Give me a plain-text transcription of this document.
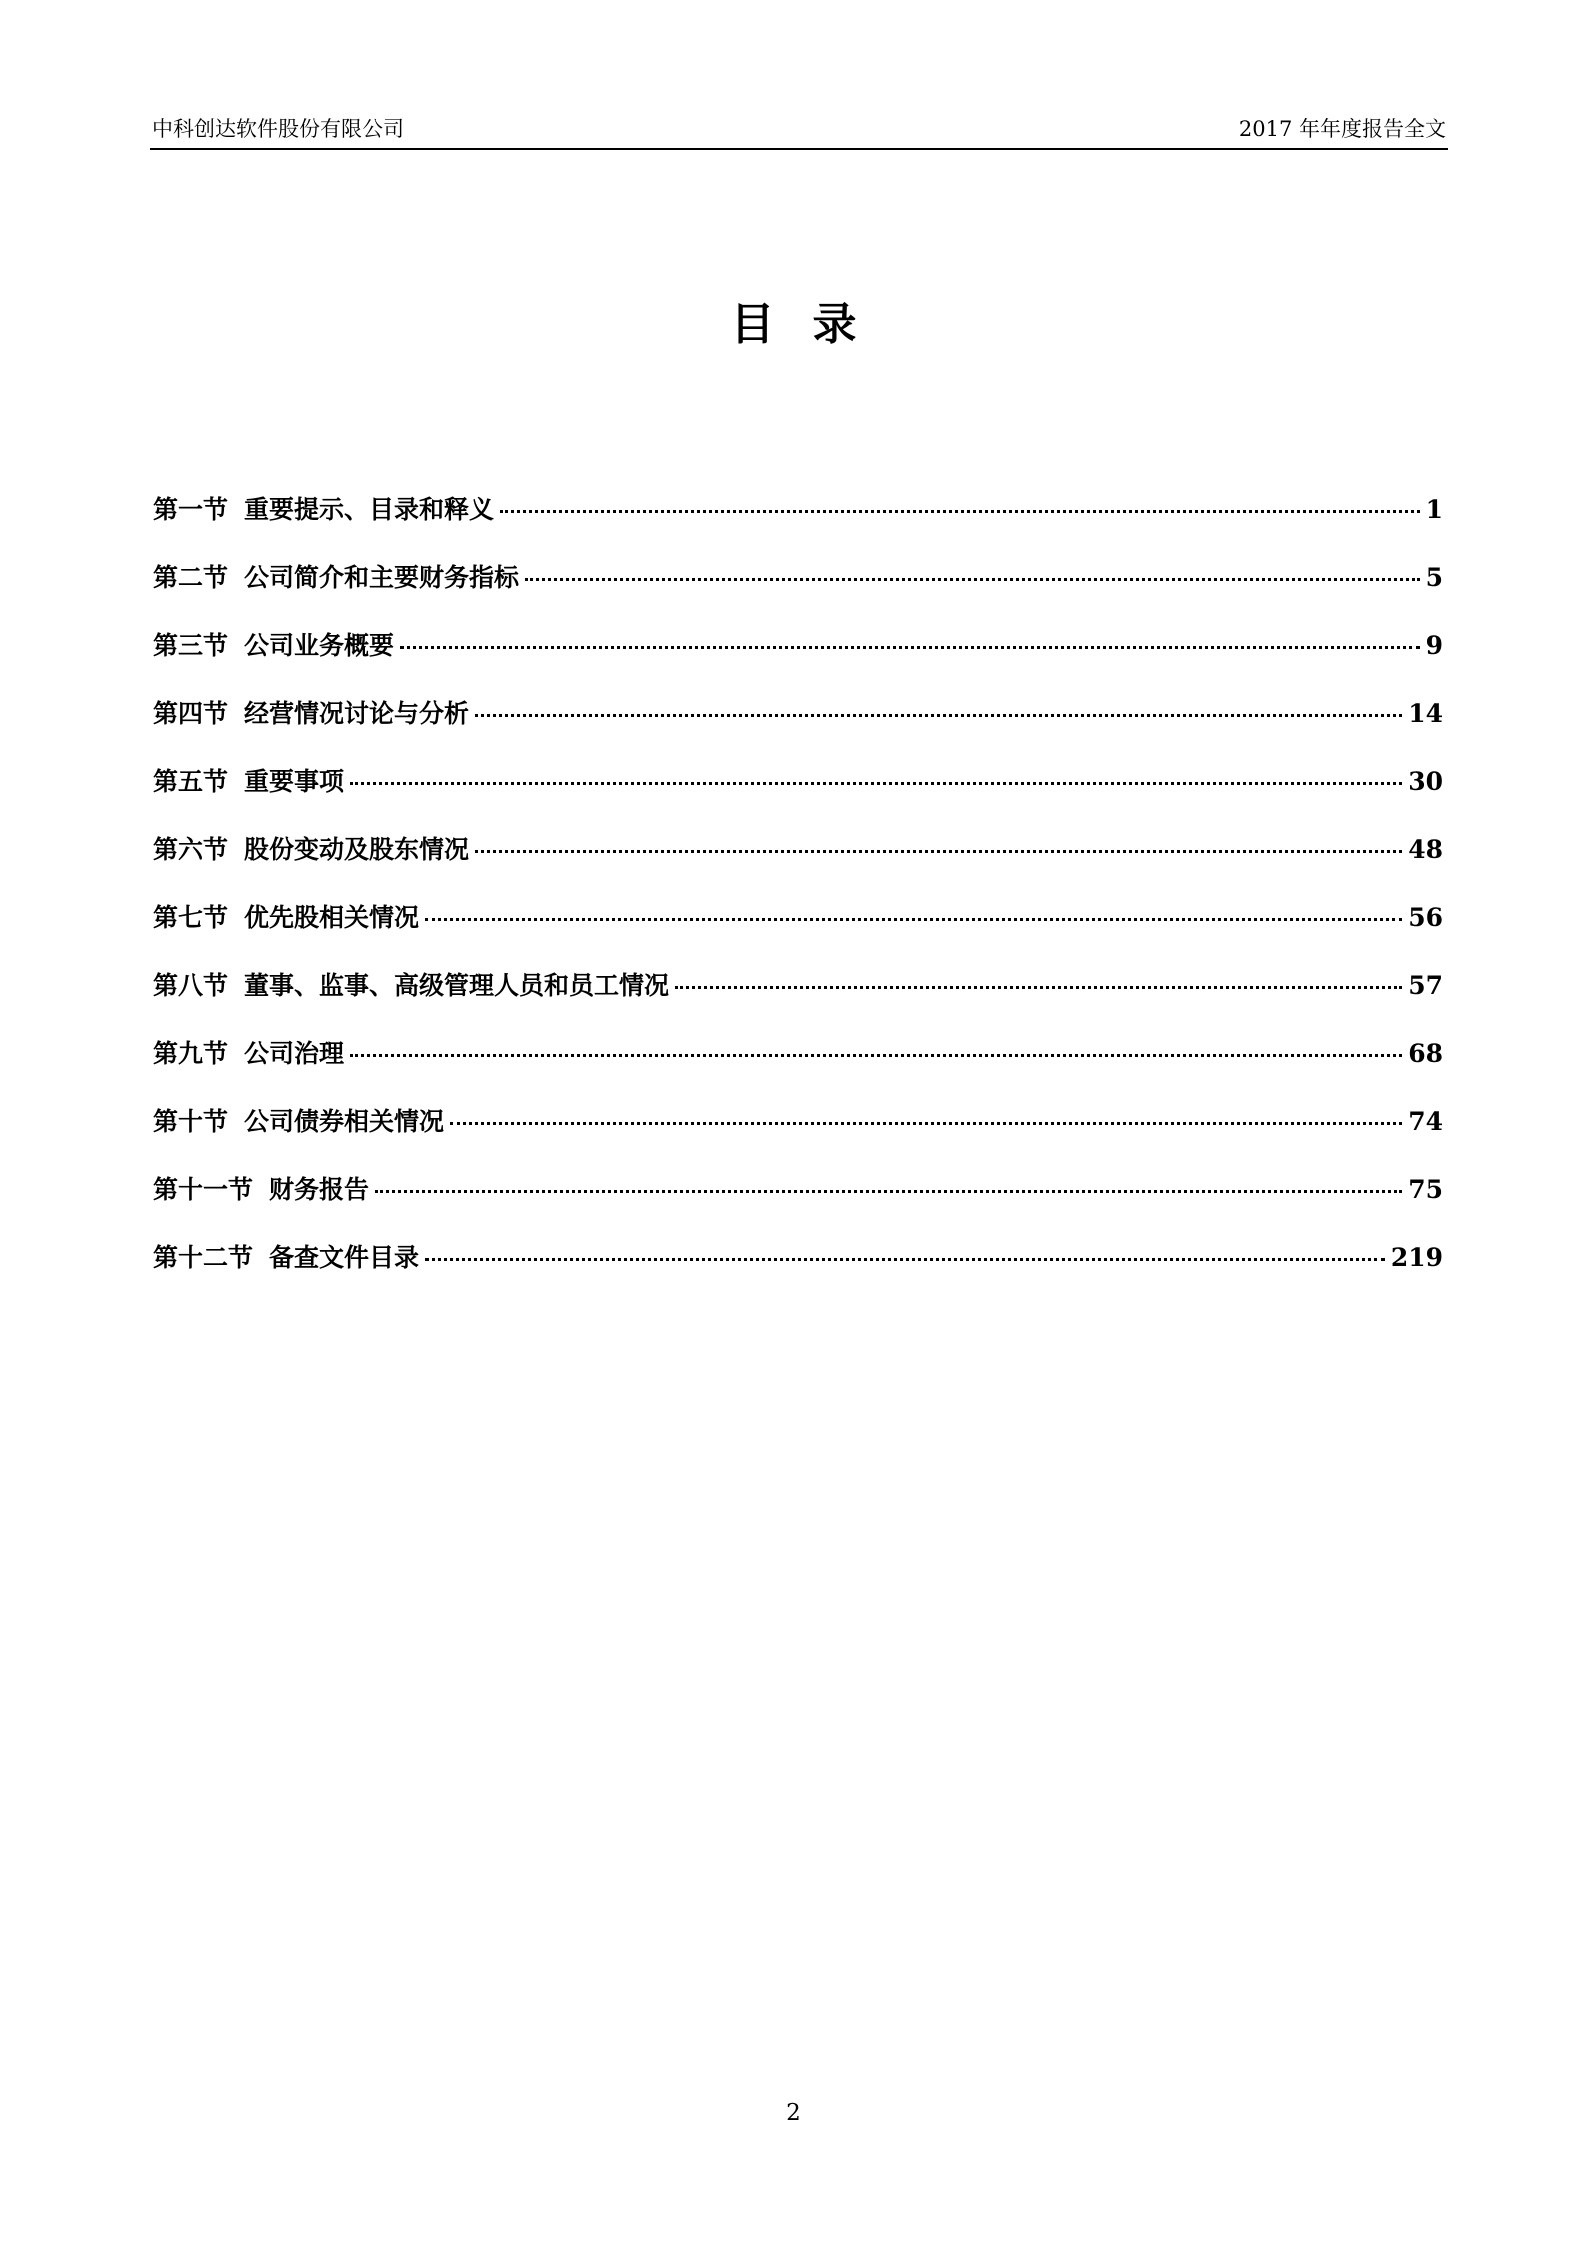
中科创达软件股份有限公司	2017 年年度报告全文
目录
第一节 重要提示、目录和释义	1
第二节 公司简介和主要财务指标	5
第三节 公司业务概要	9
第四节 经营情况讨论与分析	14
第五节 重要事项	30
第六节 股份变动及股东情况	48
第七节 优先股相关情况	56
第八节 董事、监事、高级管理人员和员工情况	57
第九节 公司治理	68
第十节 公司债券相关情况	74
第十一节 财务报告	75
第十二节 备查文件目录	219
2
